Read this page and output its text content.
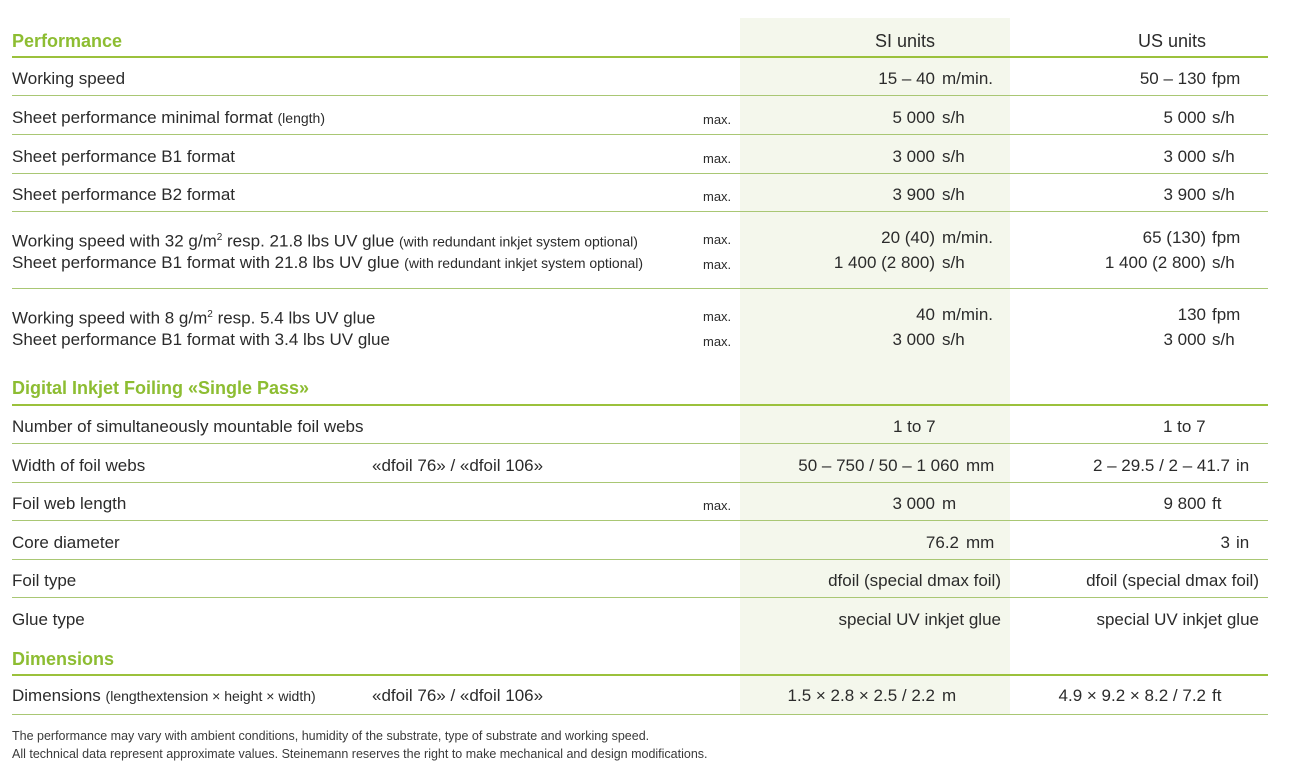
SI units	US units
Performance
Working speed	15 – 40 m/min.	50 – 130 fpm
Sheet performance minimal format (length)	max.	5 000 s/h	5 000 s/h
Sheet performance B1 format	max.	3 000 s/h	3 000 s/h
Sheet performance B2 format	max.	3 900 s/h	3 900 s/h
Working speed with 32 $g/m^2$ resp. 21.8 lbs UV glue (with redundant inkjet system optional)	max.	20 (40) m/min.	65 (130) fpm
Sheet performance B1 format with 21.8 lbs UV glue (with redundant inkjet system optional)	max.	1 400 (2 800) s/h	1 400 (2 800) s/h
Working speed with 8 $g/m^2$ resp. 5.4 lbs UV glue	max.	40 m/min.	130 fpm
Sheet performance B1 format with 3.4 lbs UV glue	max.	3 000 s/h	3 000 s/h
Digital Inkjet Foiling «Single Pass»
Number of simultaneously mountable foil webs	1 to 7	1 to 7
Width of foil webs	«dfoil 76» / «dfoil 106»	50 – 750 / 50 – 1 060 mm	2 – 29.5 / 2 – 41.7 in
Foil web length	max.	3 000 m	9 800 ft
Core diameter	76.2 mm	3 in
Foil type	dfoil (special dmax foil)	dfoil (special dmax foil)
Glue type	special UV inkjet glue	special UV inkjet glue
Dimensions
Dimensions (lengthextension × height × width)	«dfoil 76» / «dfoil 106»	1.5 × 2.8 × 2.5 / 2.2 m	4.9 × 9.2 × 8.2 / 7.2 ft
The performance may vary with ambient conditions, humidity of the substrate, type of substrate and working speed.
All technical data represent approximate values. Steinemann reserves the right to make mechanical and design modifications.
